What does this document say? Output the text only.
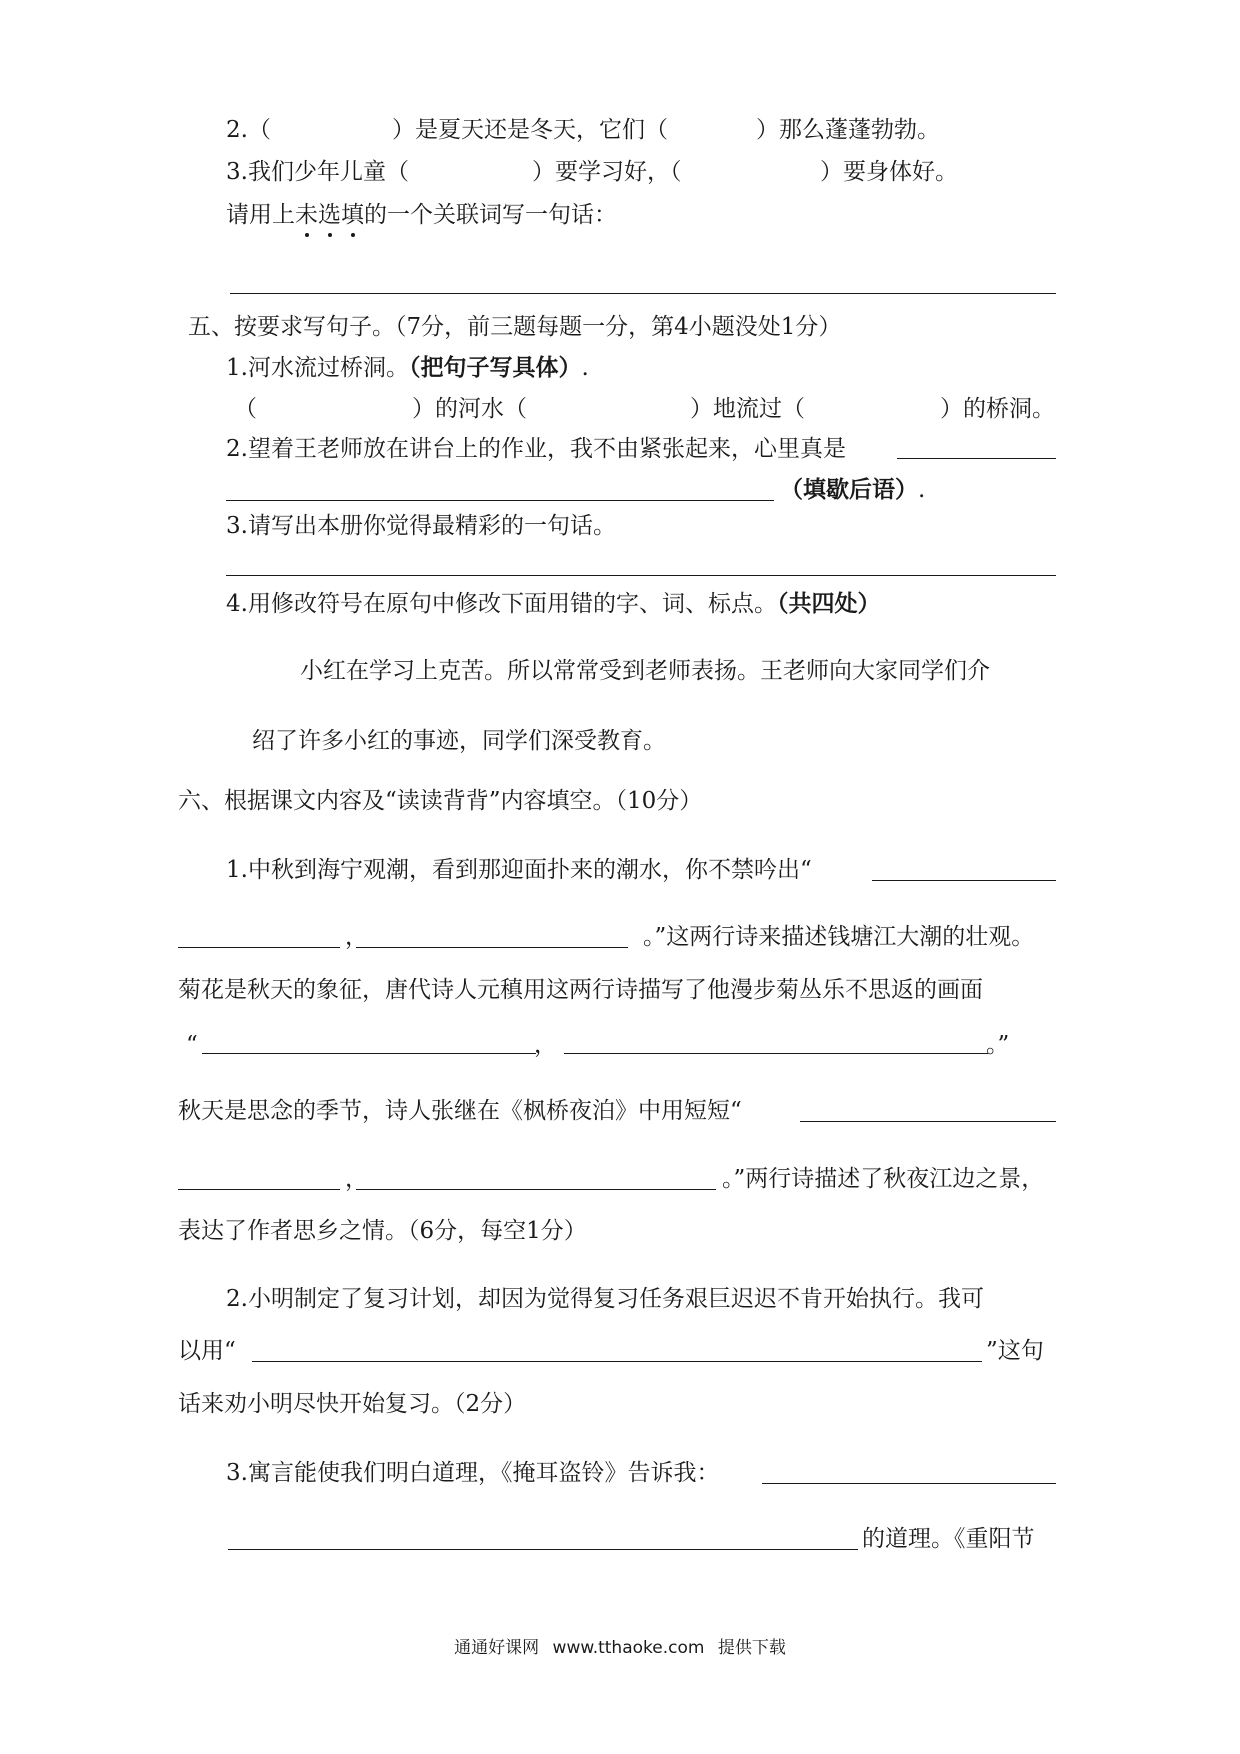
2.（	）是夏天还是冬天，它们（	）那么蓬蓬勃勃。
3.我们少年儿童（	）要学习好，（	）要身体好。
请用上未选填的一个关联词写一句话：
五、按要求写句子。（7分，前三题每题一分，第4小题没处1分）
1.河水流过桥洞。（把句子写具体）.
（	）的河水（	）地流过（	）的桥洞。
2.望着王老师放在讲台上的作业，我不由紧张起来，心里真是
（填歇后语）.
3.请写出本册你觉得最精彩的一句话。
4.用修改符号在原句中修改下面用错的字、词、标点。（共四处）
小红在学习上克苦。所以常常受到老师表扬。王老师向大家同学们介
绍了许多小红的事迹，同学们深受教育。
六、根据课文内容及“读读背背”内容填空。（10分）
1.中秋到海宁观潮，看到那迎面扑来的潮水，你不禁吟出“
，	。”这两行诗来描述钱塘江大潮的壮观。
菊花是秋天的象征，唐代诗人元稹用这两行诗描写了他漫步菊丛乐不思返的画面
“	，	。”
秋天是思念的季节，诗人张继在《枫桥夜泊》中用短短“
，	。”两行诗描述了秋夜江边之景，
表达了作者思乡之情。（6分，每空1分）
2.小明制定了复习计划，却因为觉得复习任务艰巨迟迟不肯开始执行。我可
以用“	”这句
话来劝小明尽快开始复习。（2分）
3.寓言能使我们明白道理，《掩耳盗铃》告诉我：
的道理。《重阳节
通通好课网 www.tthaoke.com 提供下载
